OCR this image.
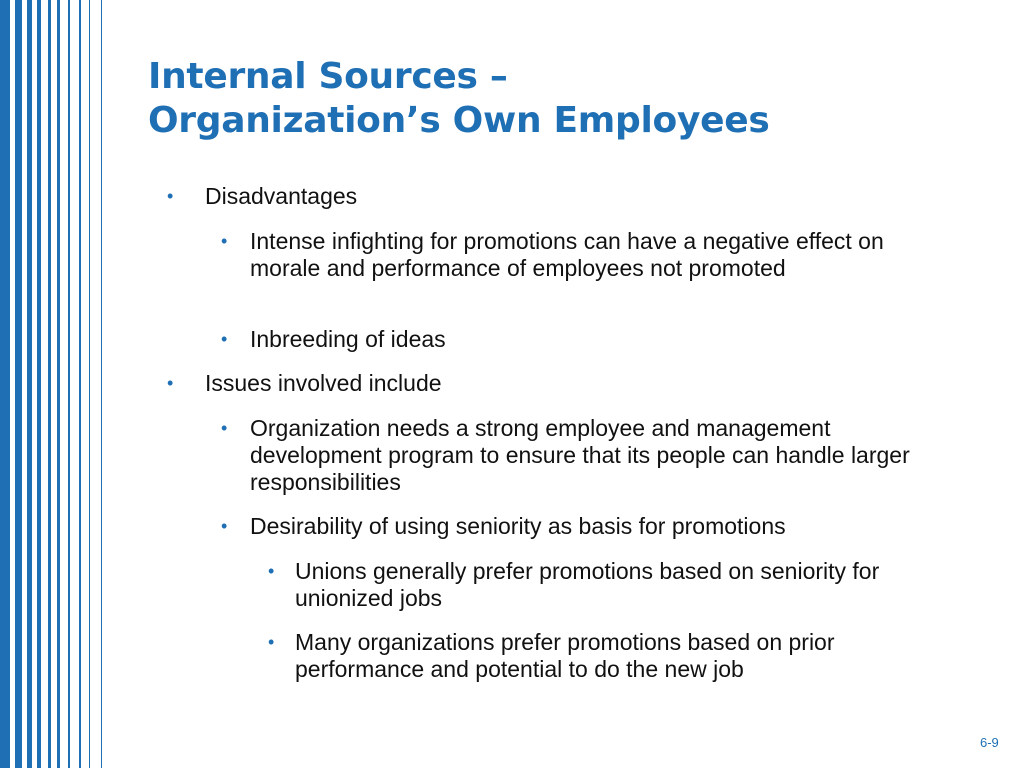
Internal Sources –
Organization’s Own Employees

• Disadvantages

• Intense infighting for promotions can have a negative effect on morale and performance of employees not promoted

• Inbreeding of ideas

• Issues involved include

• Organization needs a strong employee and management development program to ensure that its people can handle larger responsibilities

• Desirability of using seniority as basis for promotions

• Unions generally prefer promotions based on seniority for unionized jobs

• Many organizations prefer promotions based on prior performance and potential to do the new job

6-9
